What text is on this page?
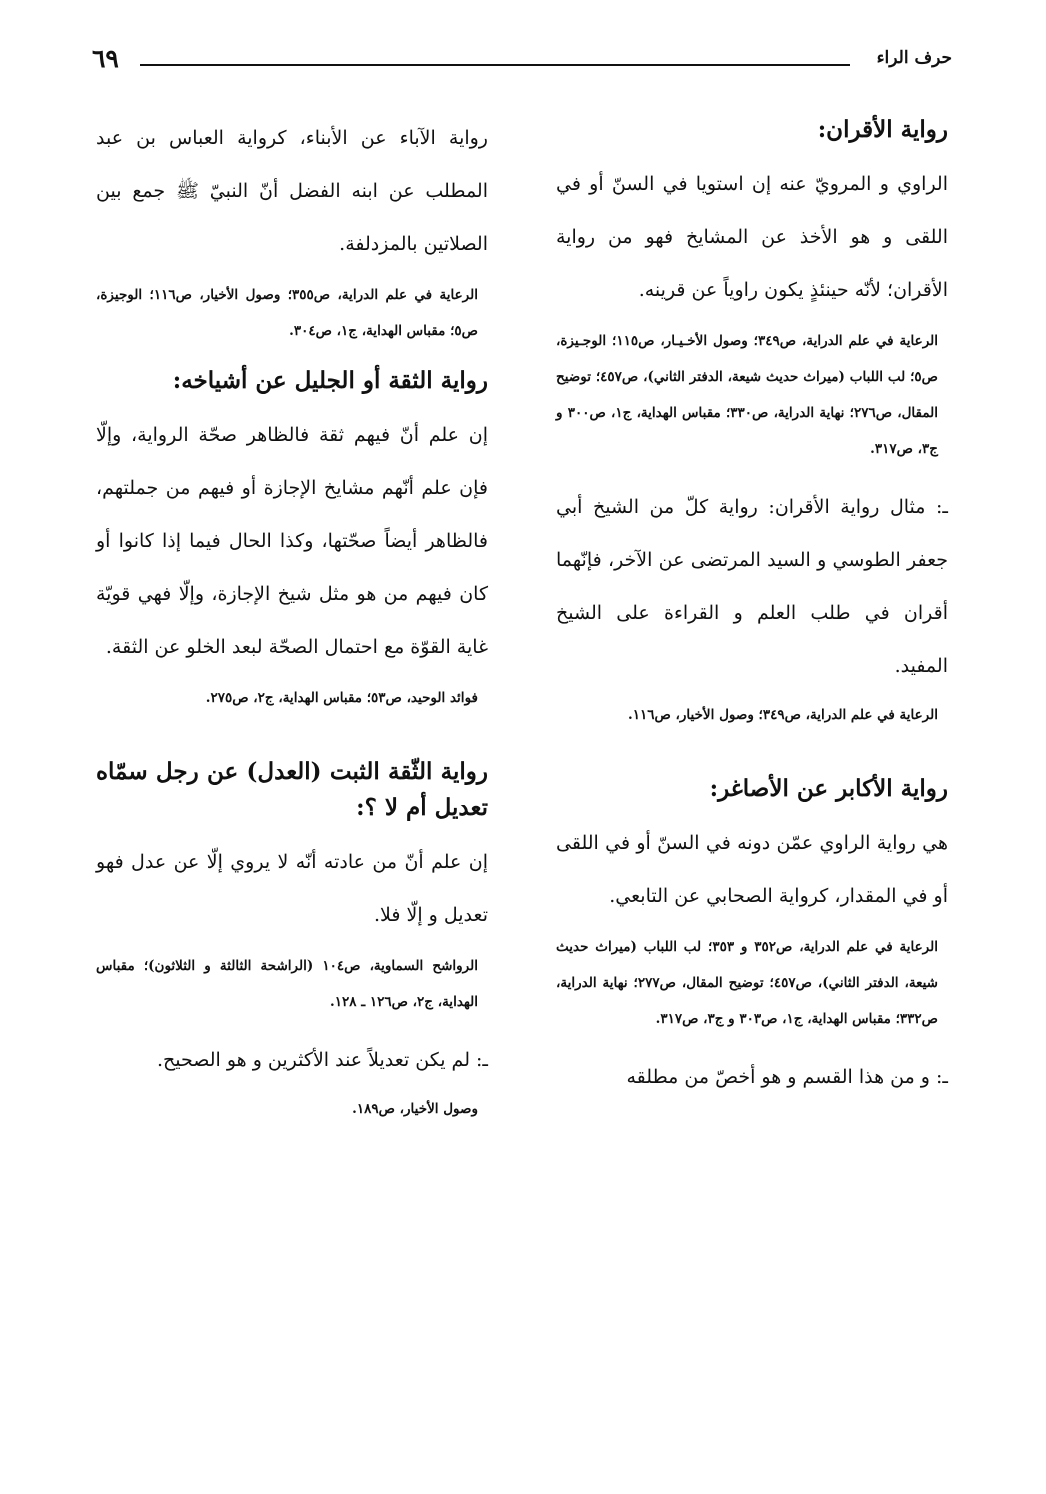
٦٩	حرف الراء
رواية الأقران:
الراوي و المرويّ عنه إن استويا في السنّ أو في اللقى و هو الأخذ عن المشايخ فهو من رواية الأقران؛ لأنّه حينئذٍ يكون راوياً عن قرينه.
الرعاية في علم الدراية، ص٣٤٩؛ وصول الأخـيـار، ص١١٥؛ الوجـيزة، ص٥؛ لب اللباب (ميراث حديث شيعة، الدفتر الثاني)، ص٤٥٧؛ توضيح المقال، ص٢٧٦؛ نهاية الدراية، ص٣٣٠؛ مقباس الهداية، ج١، ص٣٠٠ و ج٣، ص٣١٧.
ـ: مثال رواية الأقران: رواية كلّ من الشيخ أبي جعفر الطوسي و السيد المرتضى عن الآخر، فإنّهما أقران في طلب العلم و القراءة على الشيخ المفيد.
الرعاية في علم الدراية، ص٣٤٩؛ وصول الأخيار، ص١١٦.
رواية الأكابر عن الأصاغر:
هي رواية الراوي عمّن دونه في السنّ أو في اللقى أو في المقدار، كرواية الصحابي عن التابعي.
الرعاية في علم الدراية، ص٣٥٢ و ٣٥٣؛ لب اللباب (ميراث حديث شيعة، الدفتر الثاني)، ص٤٥٧؛ توضيح المقال، ص٢٧٧؛ نهاية الدراية، ص٣٣٢؛ مقباس الهداية، ج١، ص٣٠٣ و ج٣، ص٣١٧.
ـ: و من هذا القسم و هو أخصّ من مطلقه
رواية الآباء عن الأبناء، كرواية العباس بن عبد المطلب عن ابنه الفضل أنّ النبيّ ﷺ جمع بين الصلاتين بالمزدلفة.
الرعاية في علم الدراية، ص٣٥٥؛ وصول الأخيار، ص١١٦؛ الوجيزة، ص٥؛ مقباس الهداية، ج١، ص٣٠٤.
رواية الثقة أو الجليل عن أشياخه:
إن علم أنّ فيهم ثقة فالظاهر صحّة الرواية، وإلّا فإن علم أنّهم مشايخ الإجازة أو فيهم من جملتهم، فالظاهر أيضاً صحّتها، وكذا الحال فيما إذا كانوا أو كان فيهم من هو مثل شيخ الإجازة، وإلّا فهي قويّة غاية القوّة مع احتمال الصحّة لبعد الخلو عن الثقة.
فوائد الوحيد، ص٥٣؛ مقباس الهداية، ج٢، ص٢٧٥.
رواية الثّقة الثبت (العدل) عن رجل سمّاه تعديل أم لا ؟:
إن علم أنّ من عادته أنّه لا يروي إلّا عن عدل فهو تعديل و إلّا فلا.
الرواشح السماوية، ص١٠٤ (الراشحة الثالثة و الثلاثون)؛ مقباس الهداية، ج٢، ص١٢٦ ـ ١٢٨.
ـ: لم يكن تعديلاً عند الأكثرين و هو الصحيح.
وصول الأخيار، ص١٨٩.
